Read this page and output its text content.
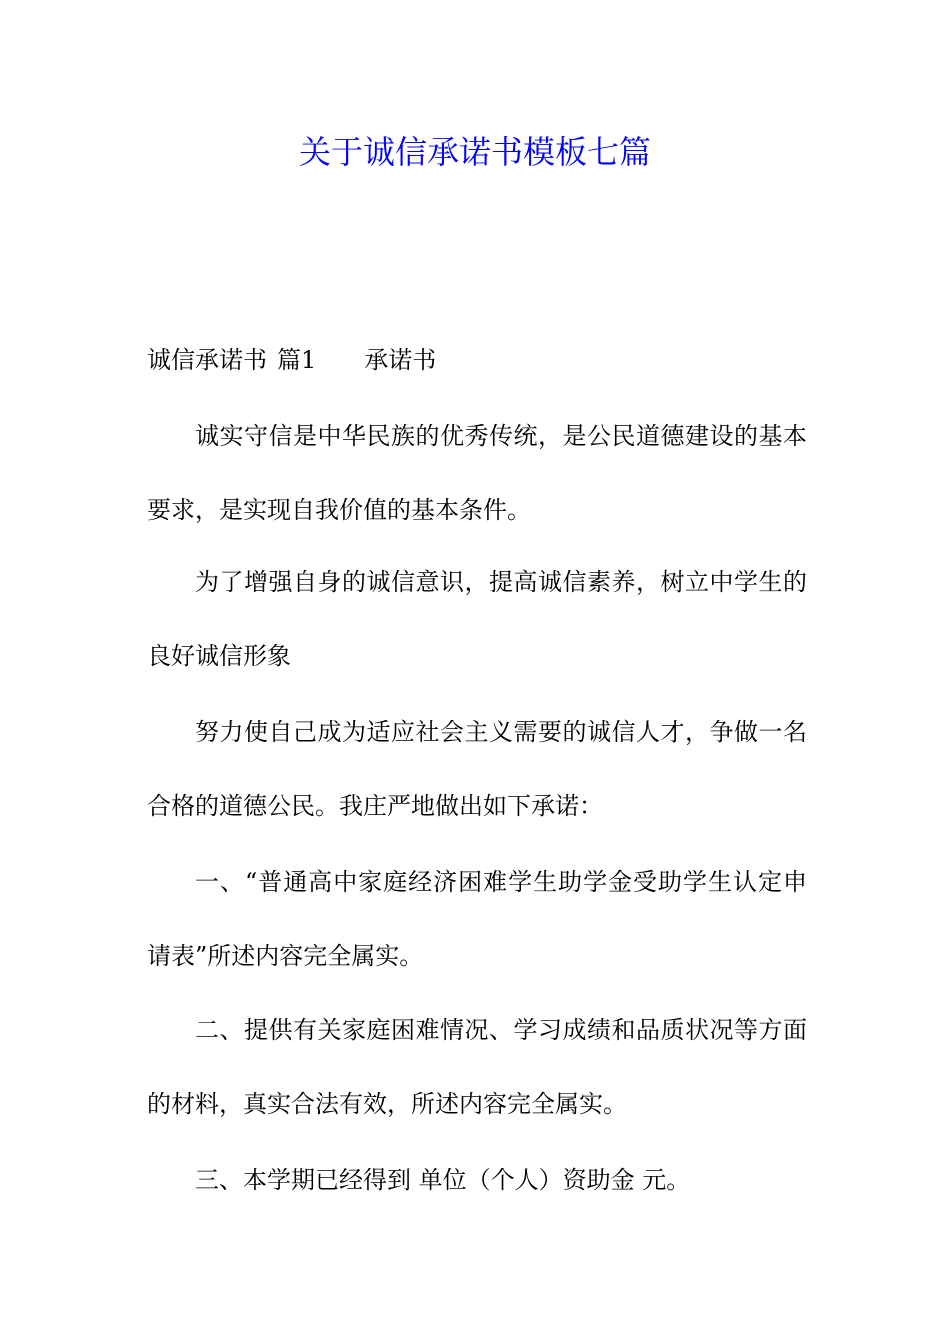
关于诚信承诺书模板七篇
诚信承诺书 篇1 承诺书

诚实守信是中华民族的优秀传统，是公民道德建设的基本要求，是实现自我价值的基本条件。

为了增强自身的诚信意识，提高诚信素养，树立中学生的良好诚信形象

努力使自己成为适应社会主义需要的诚信人才，争做一名合格的道德公民。我庄严地做出如下承诺：

一、“普通高中家庭经济困难学生助学金受助学生认定申请表”所述内容完全属实。

二、提供有关家庭困难情况、学习成绩和品质状况等方面的材料，真实合法有效，所述内容完全属实。

三、本学期已经得到 单位（个人）资助金 元。
